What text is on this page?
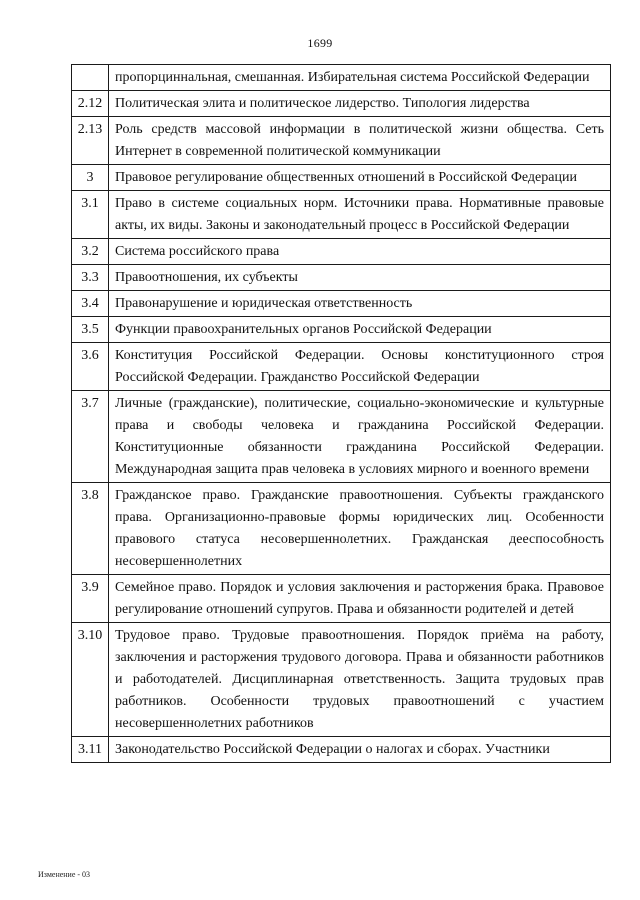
1699
	пропорциннальная, смешанная. Избирательная система Российской Федерации
2.12	Политическая элита и политическое лидерство. Типология лидерства
2.13	Роль средств массовой информации в политической жизни общества. Сеть Интернет в современной политической коммуникации
3	Правовое регулирование общественных отношений в Российской Федерации
3.1	Право в системе социальных норм. Источники права. Нормативные правовые акты, их виды. Законы и законодательный процесс в Российской Федерации
3.2	Система российского права
3.3	Правоотношения, их субъекты
3.4	Правонарушение и юридическая ответственность
3.5	Функции правоохранительных органов Российской Федерации
3.6	Конституция Российской Федерации. Основы конституционного строя Российской Федерации. Гражданство Российской Федерации
3.7	Личные (гражданские), политические, социально-экономические и культурные права и свободы человека и гражданина Российской Федерации. Конституционные обязанности гражданина Российской Федерации. Международная защита прав человека в условиях мирного и военного времени
3.8	Гражданское право. Гражданские правоотношения. Субъекты гражданского права. Организационно-правовые формы юридических лиц. Особенности правового статуса несовершеннолетних. Гражданская дееспособность несовершеннолетних
3.9	Семейное право. Порядок и условия заключения и расторжения брака. Правовое регулирование отношений супругов. Права и обязанности родителей и детей
3.10	Трудовое право. Трудовые правоотношения. Порядок приёма на работу, заключения и расторжения трудового договора. Права и обязанности работников и работодателей. Дисциплинарная ответственность. Защита трудовых прав работников. Особенности трудовых правоотношений с участием несовершеннолетних работников
3.11	Законодательство Российской Федерации о налогах и сборах. Участники
Изменение - 03
